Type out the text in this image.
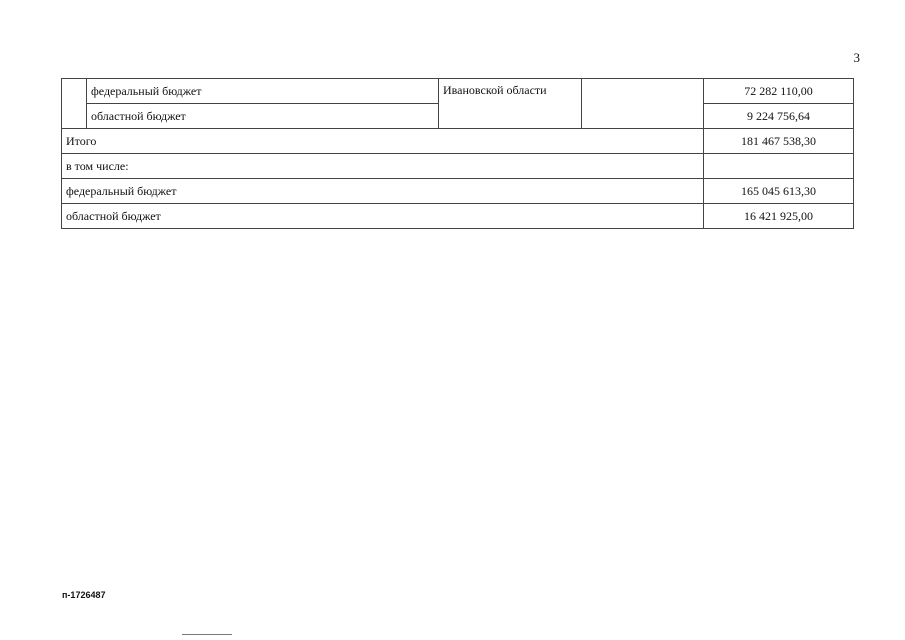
3
	федеральный бюджет	Ивановской области		72 282 110,00
	областной бюджет			9 224 756,64
Итого				181 467 538,30
в том числе:				
федеральный бюджет				165 045 613,30
областной бюджет				16 421 925,00
п-1726487
